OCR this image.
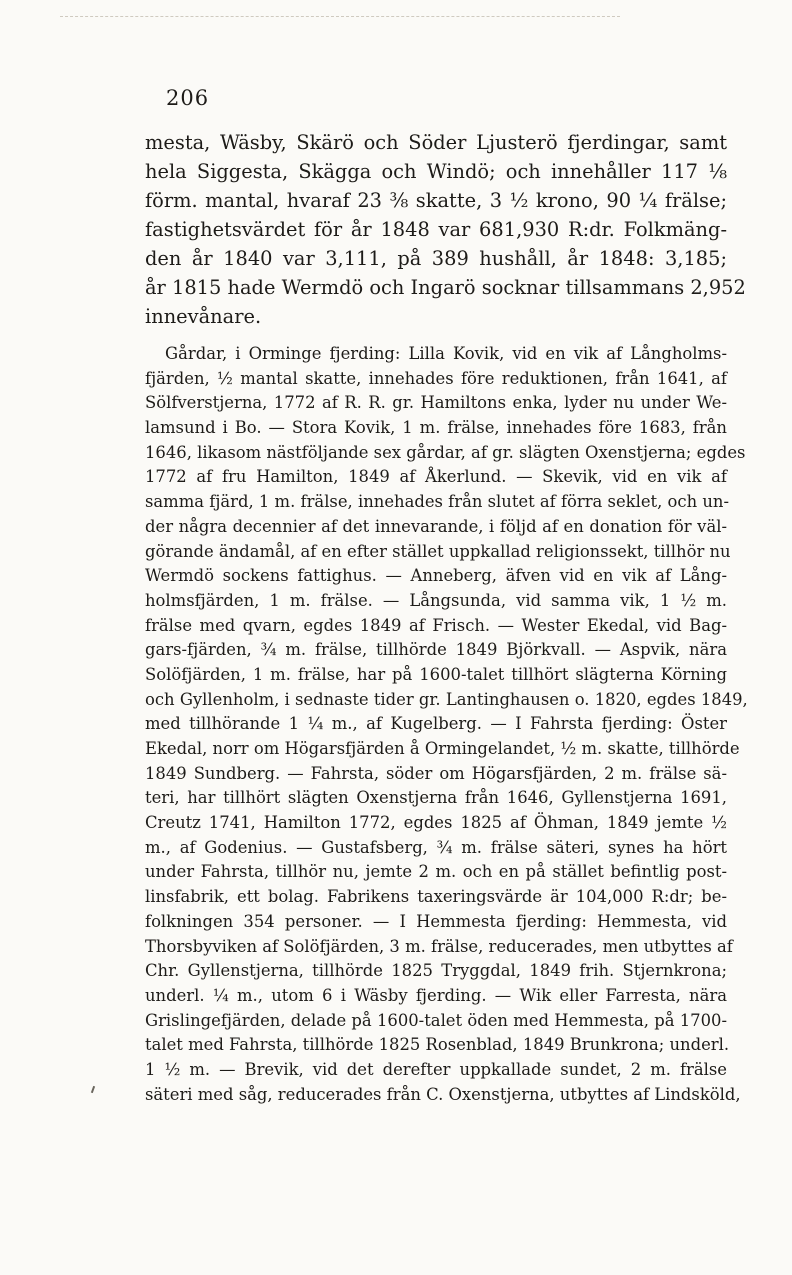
206
mesta, Wäsby, Skärö och Söder Ljusterö fjerdingar, samt
hela Siggesta, Skägga och Windö; och innehåller 117 ⅛
förm. mantal, hvaraf 23 ⅜ skatte, 3 ½ krono, 90 ¼ frälse;
fastighetsvärdet för år 1848 var 681,930 R:dr. Folkmäng-
den år 1840 var 3,111, på 389 hushåll, år 1848: 3,185;
år 1815 hade Wermdö och Ingarö socknar tillsammans 2,952
innevånare.
Gårdar, i Orminge fjerding: Lilla Kovik, vid en vik af Långholms-
fjärden, ½ mantal skatte, innehades före reduktionen, från 1641, af
Sölfverstjerna, 1772 af R. R. gr. Hamiltons enka, lyder nu under We-
lamsund i Bo. — Stora Kovik, 1 m. frälse, innehades före 1683, från
1646, likasom nästföljande sex gårdar, af gr. slägten Oxenstjerna; egdes
1772 af fru Hamilton, 1849 af Åkerlund. — Skevik, vid en vik af
samma fjärd, 1 m. frälse, innehades från slutet af förra seklet, och un-
der några decennier af det innevarande, i följd af en donation för väl-
görande ändamål, af en efter stället uppkallad religionssekt, tillhör nu
Wermdö sockens fattighus. — Anneberg, äfven vid en vik af Lång-
holmsfjärden, 1 m. frälse. — Långsunda, vid samma vik, 1 ½ m.
frälse med qvarn, egdes 1849 af Frisch. — Wester Ekedal, vid Bag-
gars-fjärden, ¾ m. frälse, tillhörde 1849 Björkvall. — Aspvik, nära
Solöfjärden, 1 m. frälse, har på 1600-talet tillhört slägterna Körning
och Gyllenholm, i sednaste tider gr. Lantinghausen o. 1820, egdes 1849,
med tillhörande 1 ¼ m., af Kugelberg. — I Fahrsta fjerding: Öster
Ekedal, norr om Högarsfjärden å Ormingelandet, ½ m. skatte, tillhörde
1849 Sundberg. — Fahrsta, söder om Högarsfjärden, 2 m. frälse sä-
teri, har tillhört slägten Oxenstjerna från 1646, Gyllenstjerna 1691,
Creutz 1741, Hamilton 1772, egdes 1825 af Öhman, 1849 jemte ½
m., af Godenius. — Gustafsberg, ¾ m. frälse säteri, synes ha hört
under Fahrsta, tillhör nu, jemte 2 m. och en på stället befintlig post-
linsfabrik, ett bolag. Fabrikens taxeringsvärde är 104,000 R:dr; be-
folkningen 354 personer. — I Hemmesta fjerding: Hemmesta, vid
Thorsbyviken af Solöfjärden, 3 m. frälse, reducerades, men utbyttes af
Chr. Gyllenstjerna, tillhörde 1825 Tryggdal, 1849 frih. Stjernkrona;
underl. ¼ m., utom 6 i Wäsby fjerding. — Wik eller Farresta, nära
Grislingefjärden, delade på 1600-talet öden med Hemmesta, på 1700-
talet med Fahrsta, tillhörde 1825 Rosenblad, 1849 Brunkrona; underl.
1 ½ m. — Brevik, vid det derefter uppkallade sundet, 2 m. frälse
säteri med såg, reducerades från C. Oxenstjerna, utbyttes af Lindsköld,
